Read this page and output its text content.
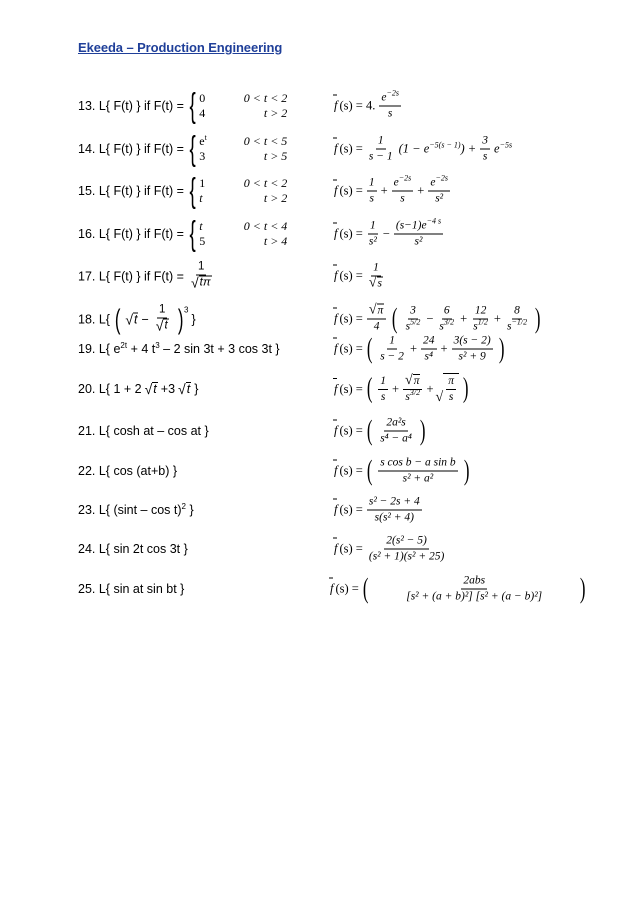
Ekeeda – Production Engineering
13. L{ F(t) } if F(t) = { 0	0 < t < 2
4	t > 2
f (s) = 4. $\frac{e^{-2s}}{s}$
14. L{ F(t) } if F(t) = { $e^t$	0 < t < 5
3	t > 5
f $(s) = \frac{1}{s - 1} (1 - e^{-5(s - 1)}) + \frac{3}{s} e^{-5s}$
15. L{ F(t) } if F(t) = { 1	0 < t < 2
t	t > 2
f $(s) = \frac{1}{s} + \frac{e^{-2s}}{s} + \frac{e^{-2s}}{\text{s²}}$
16. L{ F(t) } if F(t) = { t	0 < t < 4
5	t > 4
f $(s) = \frac{1}{\text{s²}} - \frac{(s-1)e^{-4 s}}{\text{s²}}$
17. L{ F(t) } if $F(t) = \frac{1}{√ t\pi}$	f $(s) = \frac{1}{√ s}$
18. L{ ( √ $t - \frac{1}{√ t}$ ) 3
}	f $(s) = \frac{√ \pi}{4}$ ( $\frac{3}{s^{5/2}} - \frac{6}{s^{3/2}} + \frac{12}{s^{1/2}} + \frac{8}{s^{-1/2}}$ )
19. L{ $e^{2t} + 4$ $t^3 - 2$ sin 3t + 3 cos 3t }	f (s) = ( $\frac{1}{s - 2} + \frac{24}{\text{s⁴}} + \frac{3(s - 2)}{\text{s² + 9}}$ )
20. L{ 1 + 2 √ t +3 √ t }	f (s) = ( $\frac{1}{s} + \frac{√ \pi}{s^{3/2}}$ +
√ $\frac{\pi}{s}$ )
21. L{ cosh at – cos at }	f (s) = ( $\frac{\text{2a²s}}{\text{s⁴ − a⁴}}$ )
22. L{ cos (at+b) }	f (s) = ( $\frac{\text{s cos b − a sin b}}{\text{s² + a²}}$ )
23. L{ (sint – cos t)$^2$ }	f $(s) = \frac{\text{s² − 2s + 4}}{\text{s(s² + 4)}}$
24. L{ sin 2t cos 3t }	f $(s) = \frac{\text{2(s² − 5)}}{\text{(s² + 1)(s² + 25)}}$
25. L{ sin at sin bt }	f (s) = ( $\frac{\text{2abs}}{\text{[s² + (a + b)²] [s² + (a − b)²]}}$ )
